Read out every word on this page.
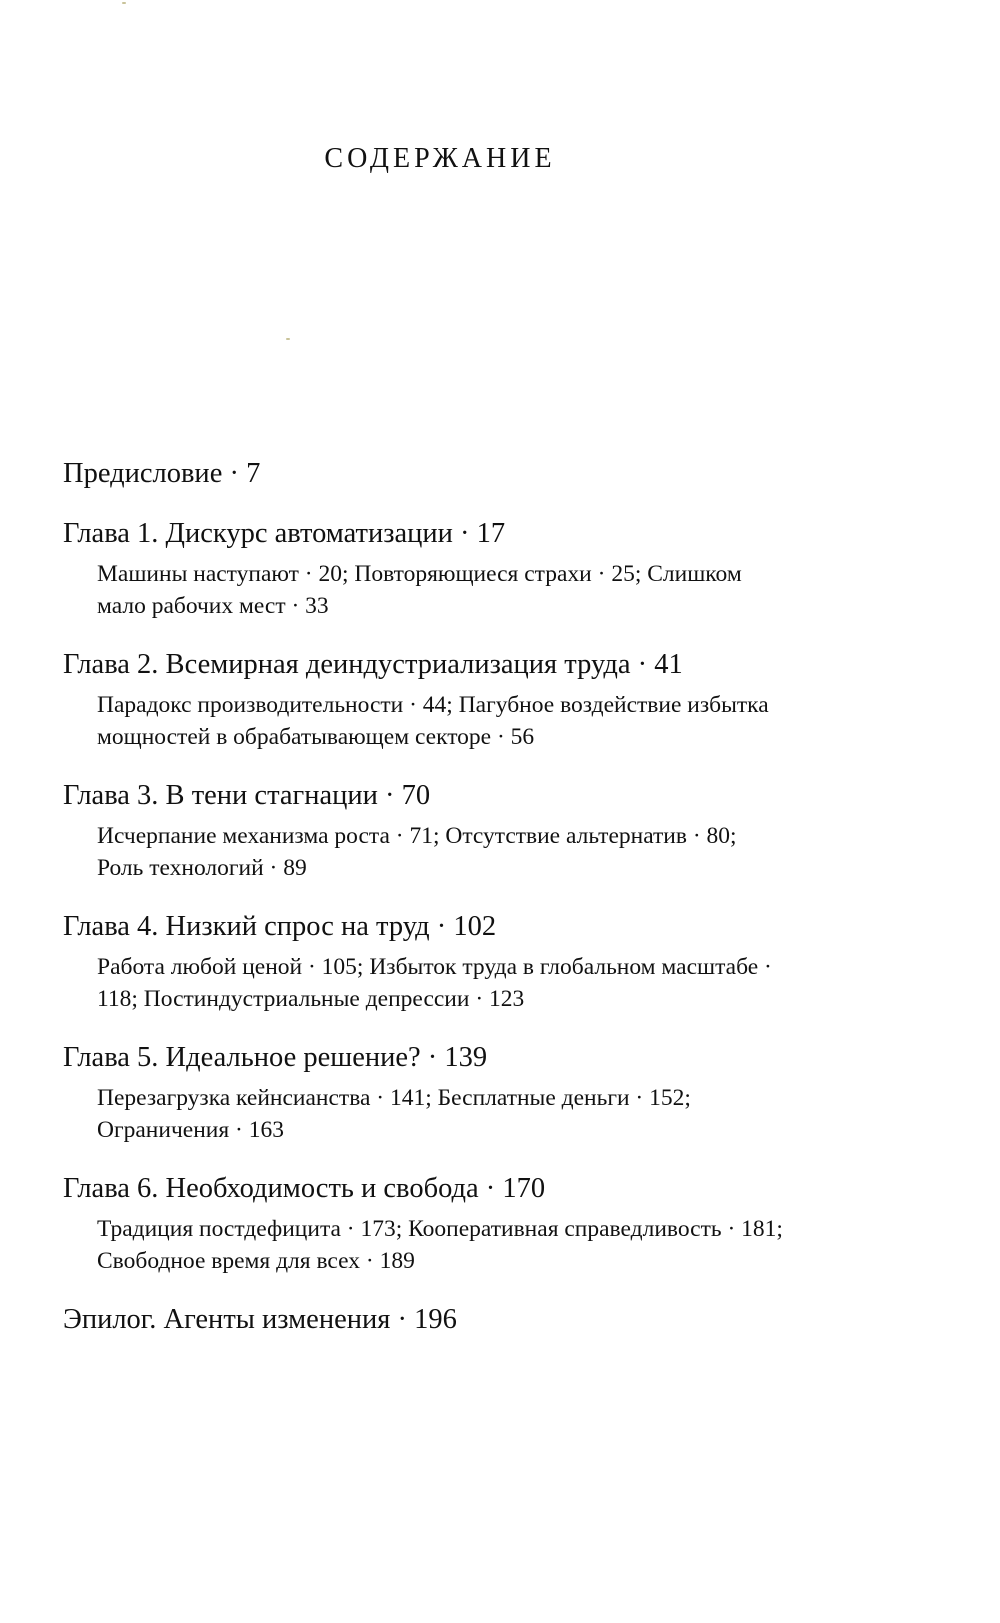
СОДЕРЖАНИЕ

Предисловие · 7

Глава 1. Дискурс автоматизации · 17

Машины наступают · 20; Повторяющиеся страхи · 25; Слишком мало рабочих мест · 33

Глава 2. Всемирная деиндустриализация труда · 41

Парадокс производительности · 44; Пагубное воздействие избытка мощностей в обрабатывающем секторе · 56

Глава 3. В тени стагнации · 70

Исчерпание механизма роста · 71; Отсутствие альтернатив · 80; Роль технологий · 89

Глава 4. Низкий спрос на труд · 102

Работа любой ценой · 105; Избыток труда в глобальном масштабе · 118; Постиндустриальные депрессии · 123

Глава 5. Идеальное решение? · 139

Перезагрузка кейнсианства · 141; Бесплатные деньги · 152; Ограничения · 163

Глава 6. Необходимость и свобода · 170

Традиция постдефицита · 173; Кооперативная справедливость · 181; Свободное время для всех · 189

Эпилог. Агенты изменения · 196
